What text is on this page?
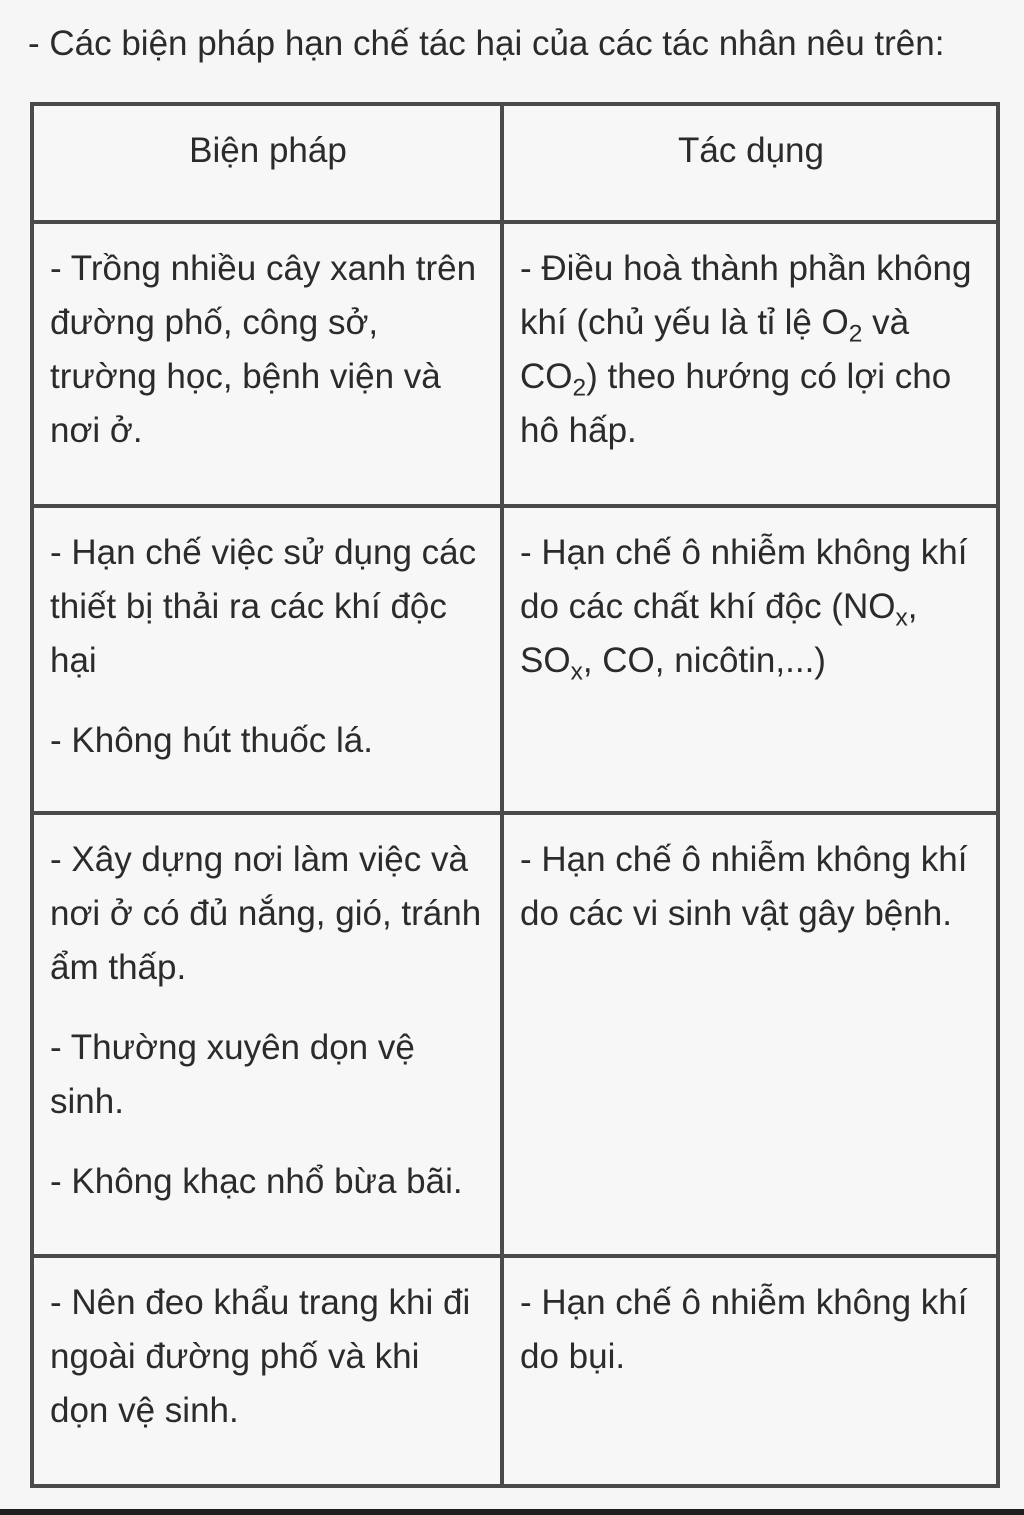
- Các biện pháp hạn chế tác hại của các tác nhân nêu trên:
Biện pháp	Tác dụng

- Trồng nhiều cây xanh trên đường phố, công sở, trường học, bệnh viện và nơi ở.	- Điều hoà thành phần không khí (chủ yếu là tỉ lệ $O_2$ và $CO_2$) theo hướng có lợi cho hô hấp.

- Hạn chế việc sử dụng các thiết bị thải ra các khí độc hại
- Không hút thuốc lá.	- Hạn chế ô nhiễm không khí do các chất khí độc ($NO_x$, $SO_x$, CO, nicôtin,...)

- Xây dựng nơi làm việc và nơi ở có đủ nắng, gió, tránh ẩm thấp.
- Thường xuyên dọn vệ sinh.
- Không khạc nhổ bừa bãi.	- Hạn chế ô nhiễm không khí do các vi sinh vật gây bệnh.

- Nên đeo khẩu trang khi đi ngoài đường phố và khi dọn vệ sinh.	- Hạn chế ô nhiễm không khí do bụi.
